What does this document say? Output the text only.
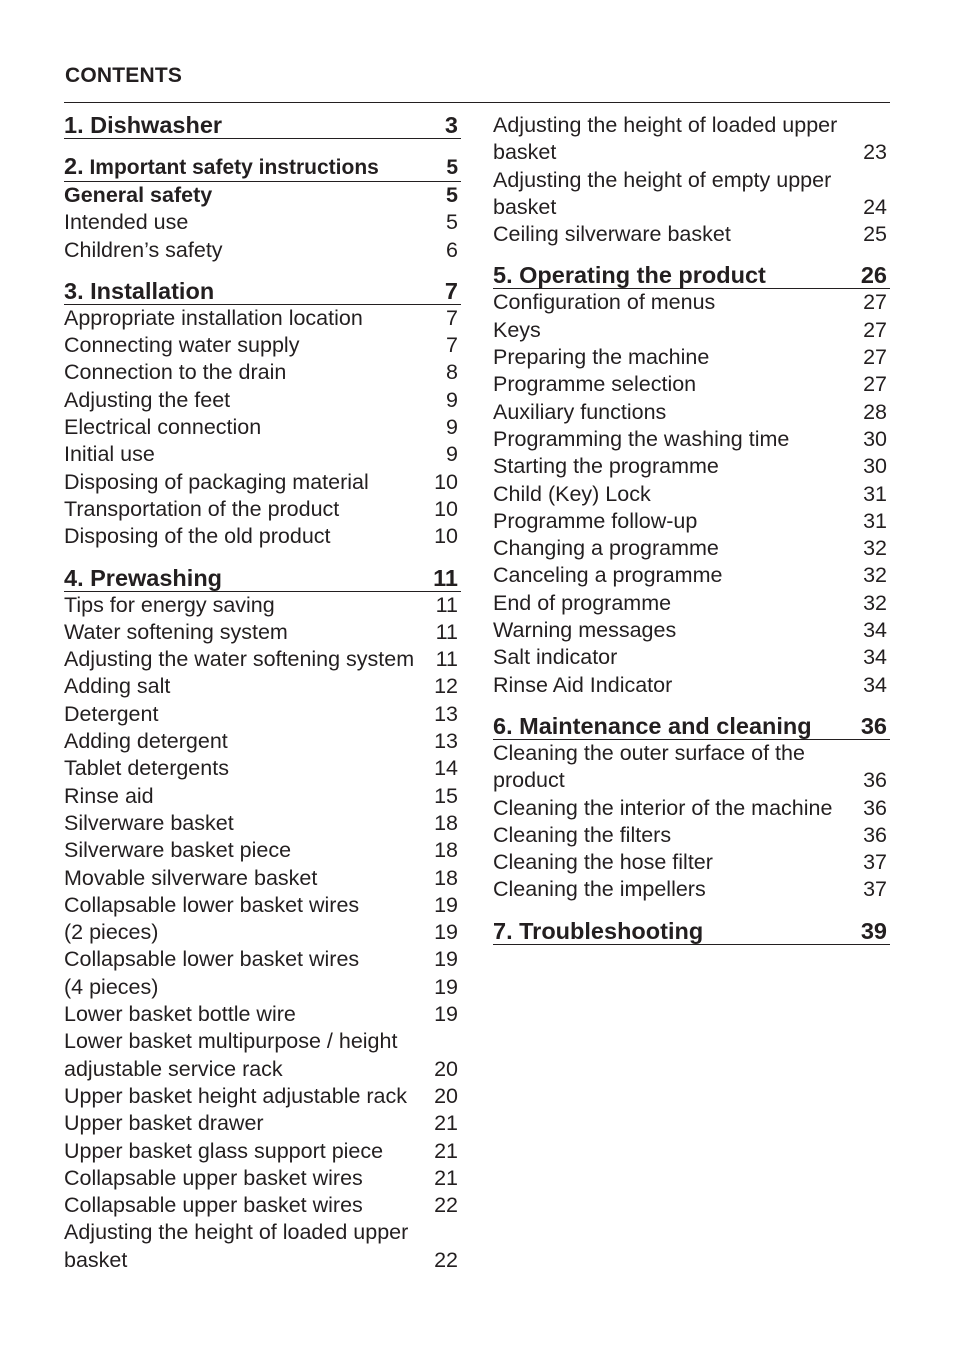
CONTENTS
1. Dishwasher	3
2. Important safety instructions	5
General safety	5
Intended use	5
Children’s safety	6
3. Installation	7
Appropriate installation location	7
Connecting water supply	7
Connection to the drain	8
Adjusting the feet	9
Electrical connection	9
Initial use	9
Disposing of packaging material	10
Transportation of the product	10
Disposing of the old product	10
4. Prewashing	11
Tips for energy saving	11
Water softening system	11
Adjusting the water softening system 11
Adding salt	12
Detergent	13
Adding detergent	13
Tablet detergents	14
Rinse aid	15
Silverware basket	18
Silverware basket piece	18
Movable silverware basket	18
Collapsable lower basket wires	19
(2 pieces)	19
Collapsable lower basket wires	19
(4 pieces)	19
Lower basket bottle wire	19
Lower basket multipurpose / height
adjustable service rack	20
Upper basket height adjustable rack 20
Upper basket drawer	21
Upper basket glass support piece 21
Collapsable upper basket wires	21
Collapsable upper basket wires	22
Adjusting the height of loaded upper
basket	22
Adjusting the height of loaded upper
basket	23
Adjusting the height of empty upper
basket	24
Ceiling silverware basket	25
5. Operating the product	26
Configuration of menus	27
Keys	27
Preparing the machine	27
Programme selection	27
Auxiliary functions	28
Programming the washing time	30
Starting the programme	30
Child (Key) Lock	31
Programme follow-up	31
Changing a programme	32
Canceling a programme	32
End of programme	32
Warning messages	34
Salt indicator	34
Rinse Aid Indicator	34
6. Maintenance and cleaning 36
Cleaning the outer surface of the
product	36
Cleaning the interior of the machine 36
Cleaning the filters	36
Cleaning the hose filter	37
Cleaning the impellers	37
7. Troubleshooting	39
